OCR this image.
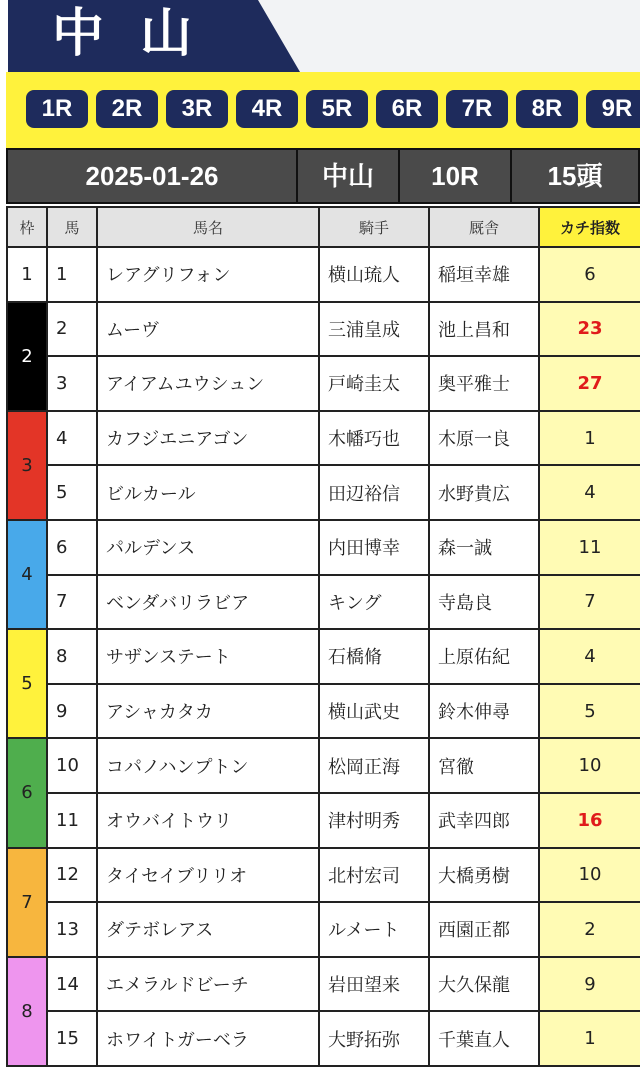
中山
1R	2R	3R	4R	5R	6R	7R	8R	9R
2025-01-26	中山	10R	15頭
枠	馬	馬名	騎手	厩舎	カチ指数
1	1	レアグリフォン	横山琉人	稲垣幸雄	6
2	2	ムーヴ	三浦皇成	池上昌和	23
	3	アイアムユウシュン	戸崎圭太	奥平雅士	27
3	4	カフジエニアゴン	木幡巧也	木原一良	1
	5	ビルカール	田辺裕信	水野貴広	4
4	6	パルデンス	内田博幸	森一誠	11
	7	ベンダバリラビア	キング	寺島良	7
5	8	サザンステート	石橋脩	上原佑紀	4
	9	アシャカタカ	横山武史	鈴木伸尋	5
6	10	コパノハンプトン	松岡正海	宮徹	10
	11	オウバイトウリ	津村明秀	武幸四郎	16
7	12	タイセイブリリオ	北村宏司	大橋勇樹	10
	13	ダテボレアス	ルメート	西園正都	2
8	14	エメラルドビーチ	岩田望来	大久保龍	9
	15	ホワイトガーベラ	大野拓弥	千葉直人	1
